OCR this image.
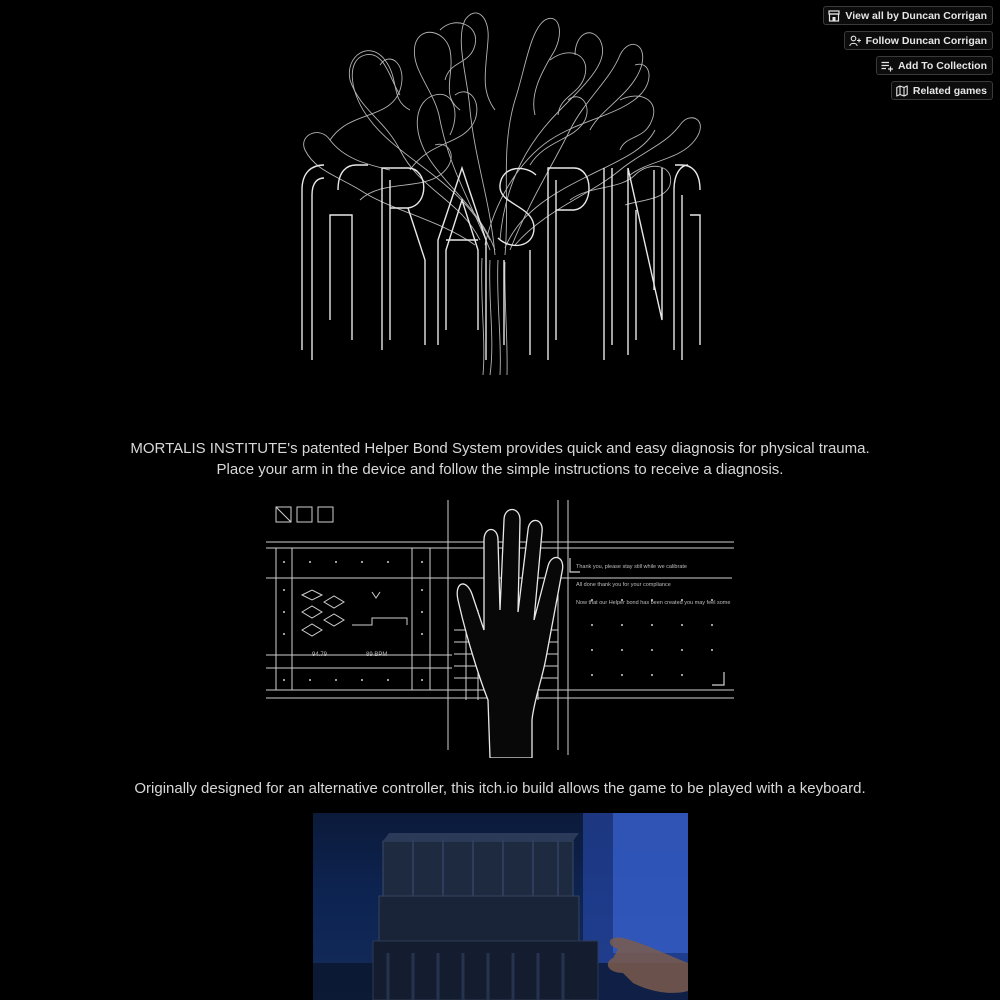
View all by Duncan Corrigan
Follow Duncan Corrigan
Add To Collection
Related games
GRASPING

MORTALIS INSTITUTE's patented Helper Bond System provides quick and easy diagnosis for physical trauma.

Place your arm in the device and follow the simple instructions to receive a diagnosis.

94.79	89 BPM
Thank you, please stay still while we calibrate
All done thank you for your compliance
Now that our Helper bond has been created you may feel some

Originally designed for an alternative controller, this itch.io build allows the game to be played with a keyboard.
